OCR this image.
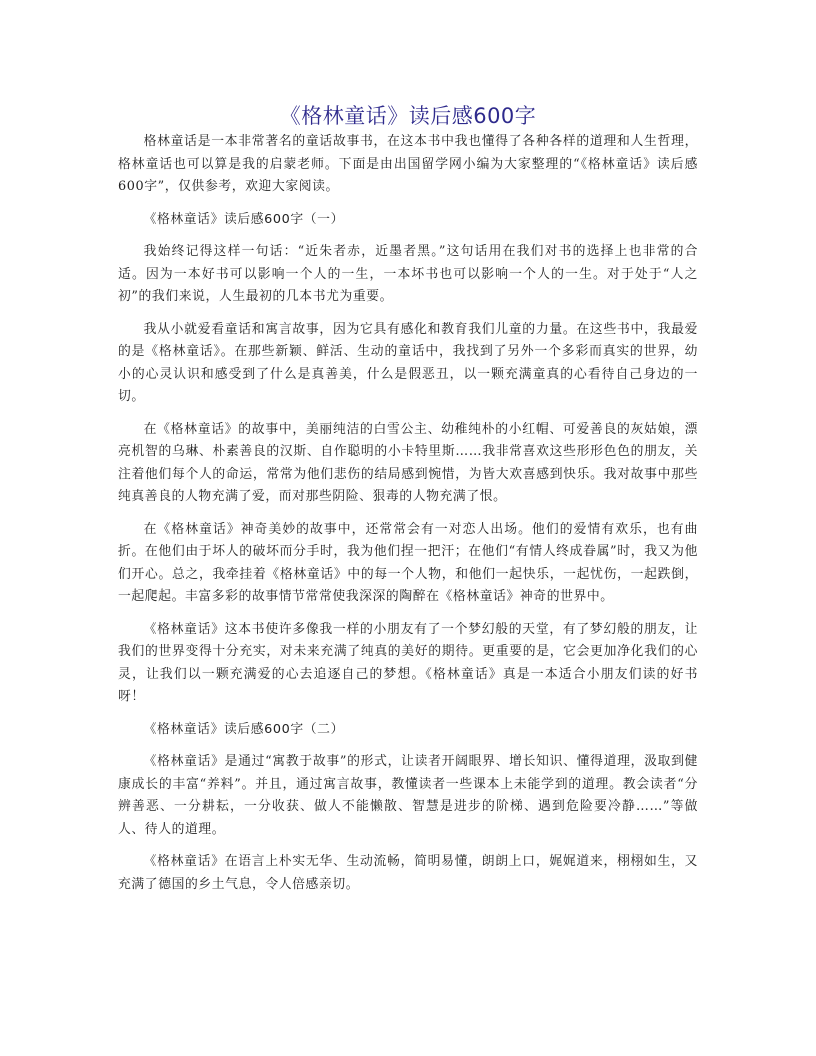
《格林童话》读后感600字

格林童话是一本非常著名的童话故事书，在这本书中我也懂得了各种各样的道理和人生哲理，格林童话也可以算是我的启蒙老师。下面是由出国留学网小编为大家整理的“《格林童话》读后感600字”，仅供参考，欢迎大家阅读。

《格林童话》读后感600字（一）

我始终记得这样一句话：“近朱者赤，近墨者黑。”这句话用在我们对书的选择上也非常的合适。因为一本好书可以影响一个人的一生，一本坏书也可以影响一个人的一生。对于处于“人之初”的我们来说，人生最初的几本书尤为重要。

我从小就爱看童话和寓言故事，因为它具有感化和教育我们儿童的力量。在这些书中，我最爱的是《格林童话》。在那些新颖、鲜活、生动的童话中，我找到了另外一个多彩而真实的世界，幼小的心灵认识和感受到了什么是真善美，什么是假恶丑，以一颗充满童真的心看待自己身边的一切。

在《格林童话》的故事中，美丽纯洁的白雪公主、幼稚纯朴的小红帽、可爱善良的灰姑娘，漂亮机智的乌琳、朴素善良的汉斯、自作聪明的小卡特里斯……我非常喜欢这些形形色色的朋友，关注着他们每个人的命运，常常为他们悲伤的结局感到惋惜，为皆大欢喜感到快乐。我对故事中那些纯真善良的人物充满了爱，而对那些阴险、狠毒的人物充满了恨。

在《格林童话》神奇美妙的故事中，还常常会有一对恋人出场。他们的爱情有欢乐，也有曲折。在他们由于坏人的破坏而分手时，我为他们捏一把汗；在他们“有情人终成眷属”时，我又为他们开心。总之，我牵挂着《格林童话》中的每一个人物，和他们一起快乐，一起忧伤，一起跌倒，一起爬起。丰富多彩的故事情节常常使我深深的陶醉在《格林童话》神奇的世界中。

《格林童话》这本书使许多像我一样的小朋友有了一个梦幻般的天堂，有了梦幻般的朋友，让我们的世界变得十分充实，对未来充满了纯真的美好的期待。更重要的是，它会更加净化我们的心灵，让我们以一颗充满爱的心去追逐自己的梦想。《格林童话》真是一本适合小朋友们读的好书呀！

《格林童话》读后感600字（二）

《格林童话》是通过“寓教于故事”的形式，让读者开阔眼界、增长知识、懂得道理，汲取到健康成长的丰富“养料”。并且，通过寓言故事，教懂读者一些课本上未能学到的道理。教会读者“分辨善恶、一分耕耘，一分收获、做人不能懒散、智慧是进步的阶梯、遇到危险要冷静……”等做人、待人的道理。

《格林童话》在语言上朴实无华、生动流畅，简明易懂，朗朗上口，娓娓道来，栩栩如生，又充满了德国的乡土气息，令人倍感亲切。
